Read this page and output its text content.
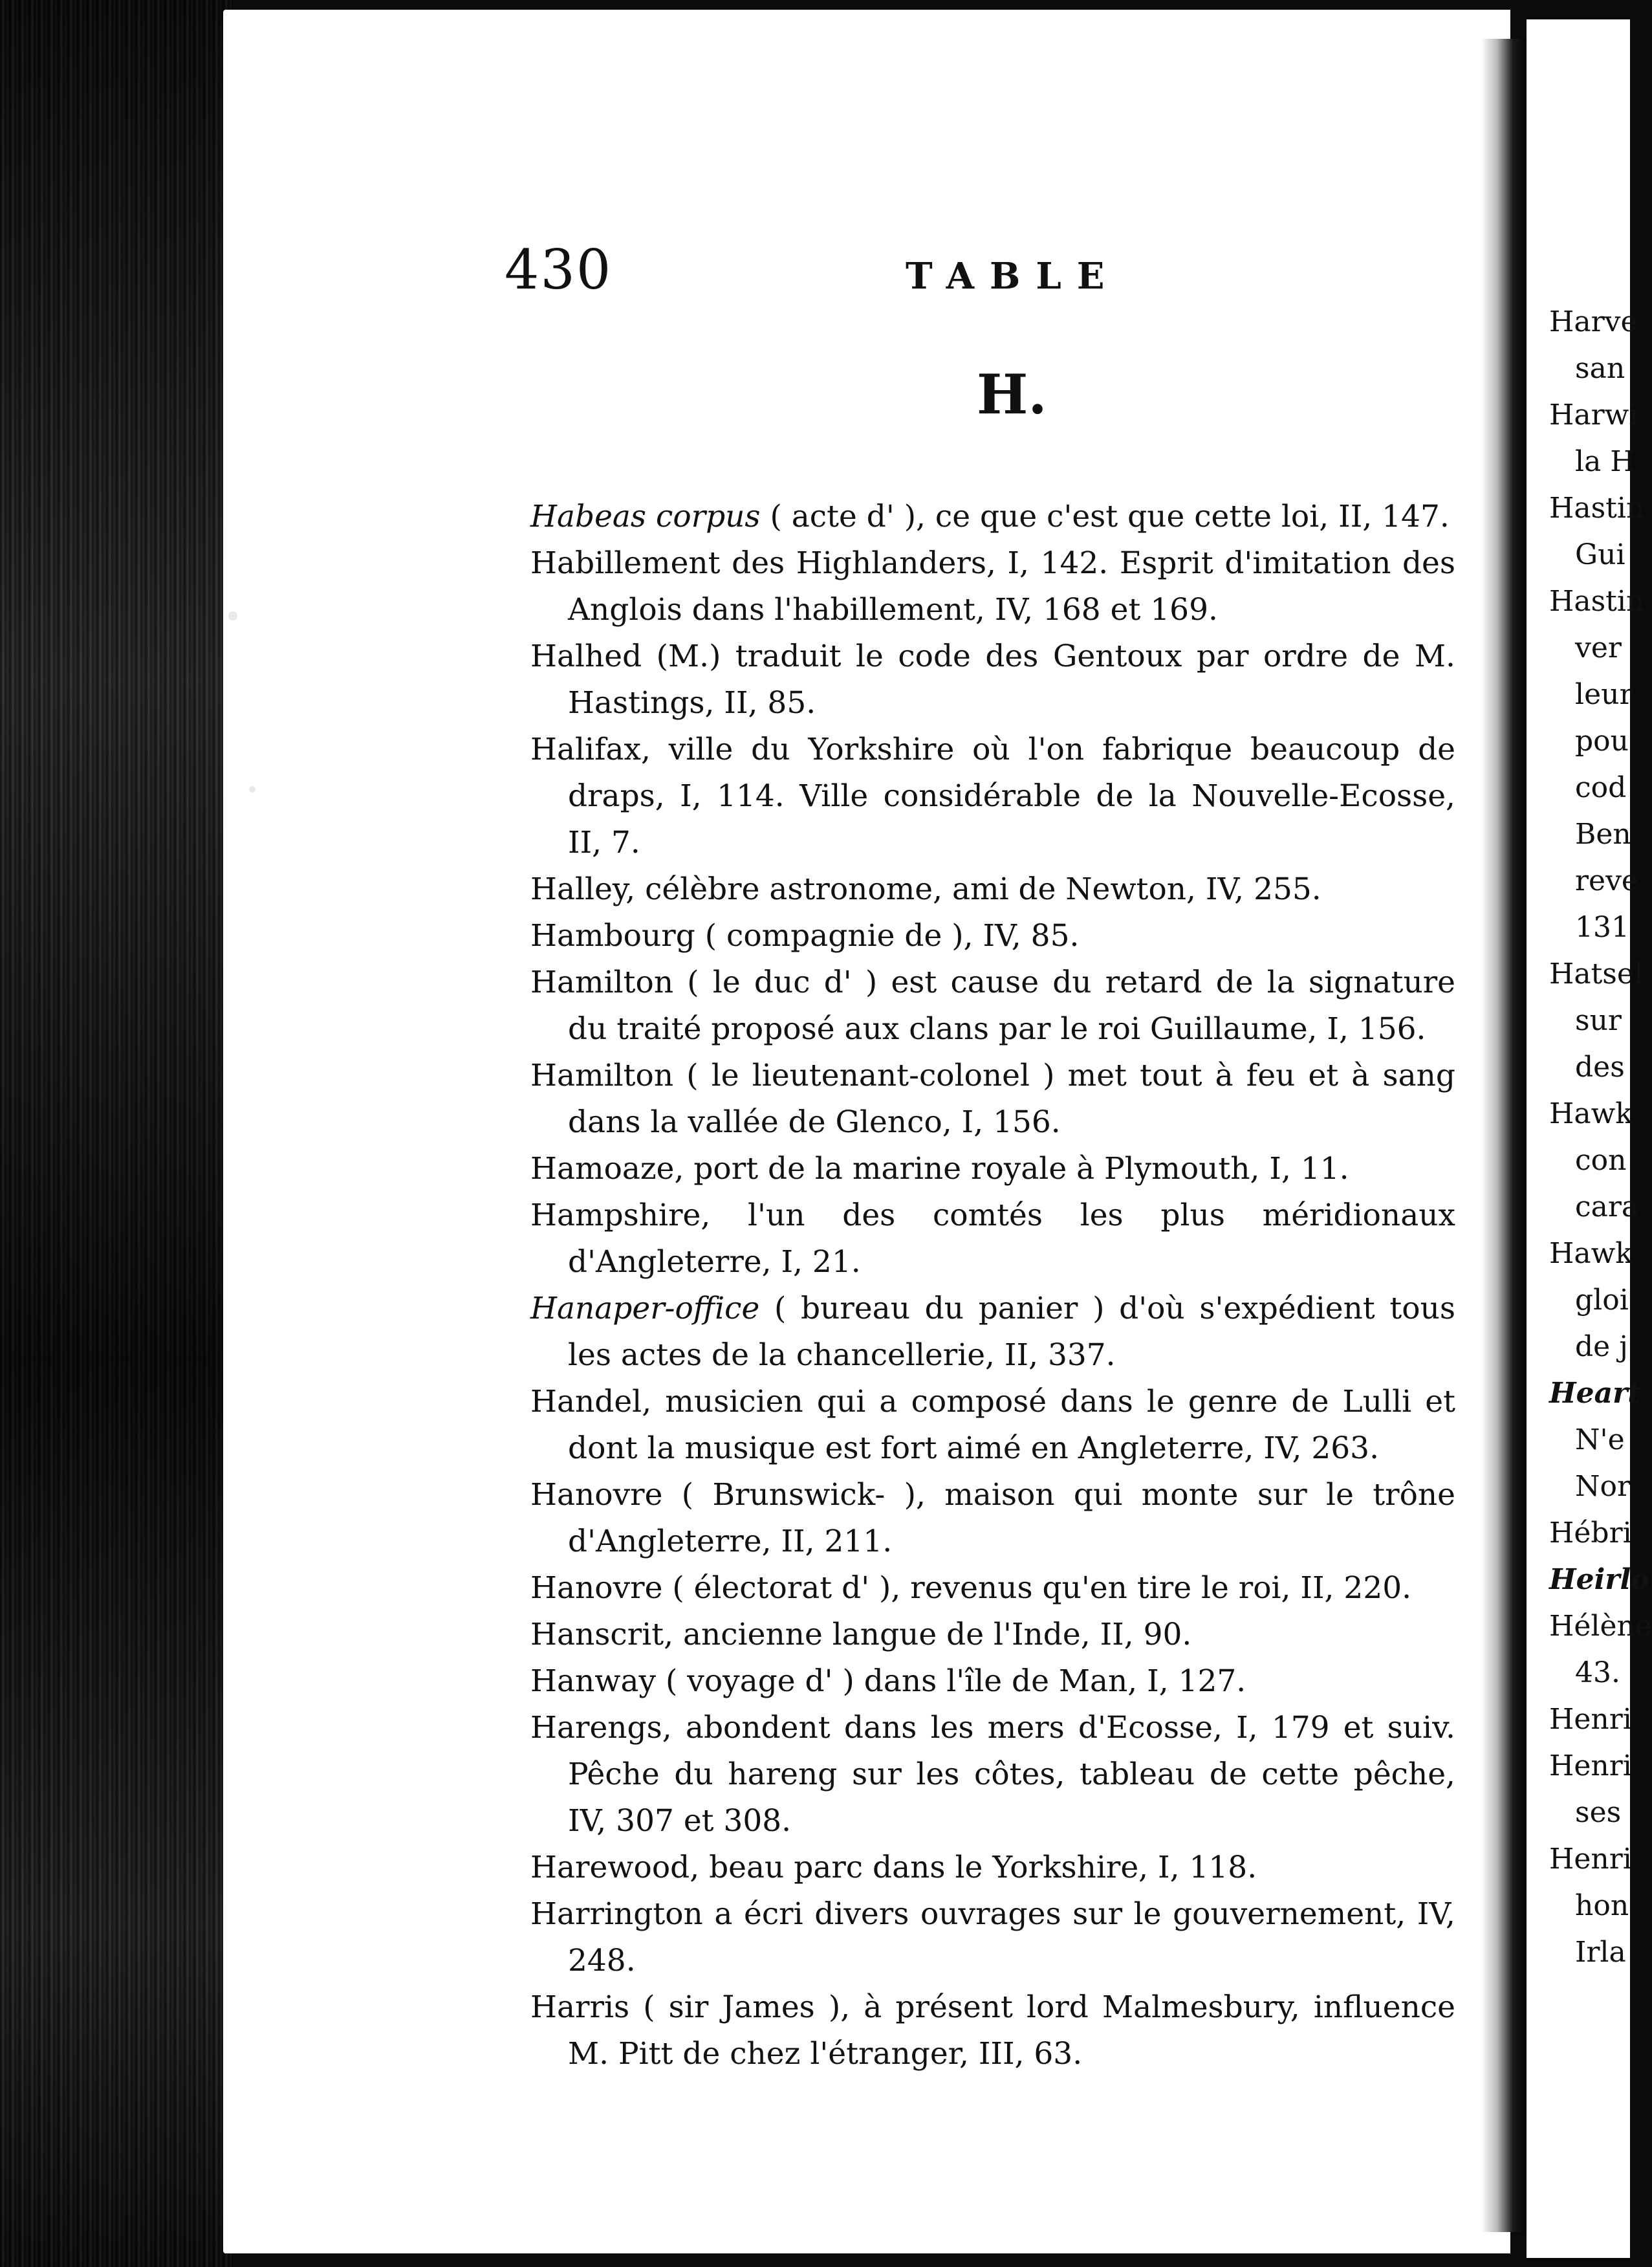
430	TABLE
H.
Habeas corpus ( acte d' ), ce que c'est que cette loi, II, 147.
Habillement des Highlanders, I, 142. Esprit d'imitation des Anglois dans l'habillement, IV, 168 et 169.
Halhed (M.) traduit le code des Gentoux par ordre de M. Hastings, II, 85.
Halifax, ville du Yorkshire où l'on fabrique beaucoup de draps, I, 114. Ville considérable de la Nouvelle-Ecosse, II, 7.
Halley, célèbre astronome, ami de Newton, IV, 255.
Hambourg ( compagnie de ), IV, 85.
Hamilton ( le duc d' ) est cause du retard de la signature du traité proposé aux clans par le roi Guillaume, I, 156.
Hamilton ( le lieutenant-colonel ) met tout à feu et à sang dans la vallée de Glenco, I, 156.
Hamoaze, port de la marine royale à Plymouth, I, 11.
Hampshire, l'un des comtés les plus méridionaux d'Angleterre, I, 21.
Hanaper-office ( bureau du panier ) d'où s'expédient tous les actes de la chancellerie, II, 337.
Handel, musicien qui a composé dans le genre de Lulli et dont la musique est fort aimé en Angleterre, IV, 263.
Hanovre ( Brunswick- ), maison qui monte sur le trône d'Angleterre, II, 211.
Hanovre ( électorat d' ), revenus qu'en tire le roi, II, 220.
Hanscrit, ancienne langue de l'Inde, II, 90.
Hanway ( voyage d' ) dans l'île de Man, I, 127.
Harengs, abondent dans les mers d'Ecosse, I, 179 et suiv. Pêche du hareng sur les côtes, tableau de cette pêche, IV, 307 et 308.
Harewood, beau parc dans le Yorkshire, I, 118.
Harrington a écri divers ouvrages sur le gouvernement, IV, 248.
Harris ( sir James ), à présent lord Malmesbury, influence M. Pitt de chez l'étranger, III, 63.
Harve
san
Harwi
la H
Hastin
Gui
Hastin
ver
leur
pou
cod
Ben
reve
131
Hatsel
sur
des
Hawk
con
cara
Hawk
gloi
de j
Heart
N'e
Nor
Hébri
Heirlo
Hélène
43.
Henri
Henri
ses
Henri
hon
Irla
